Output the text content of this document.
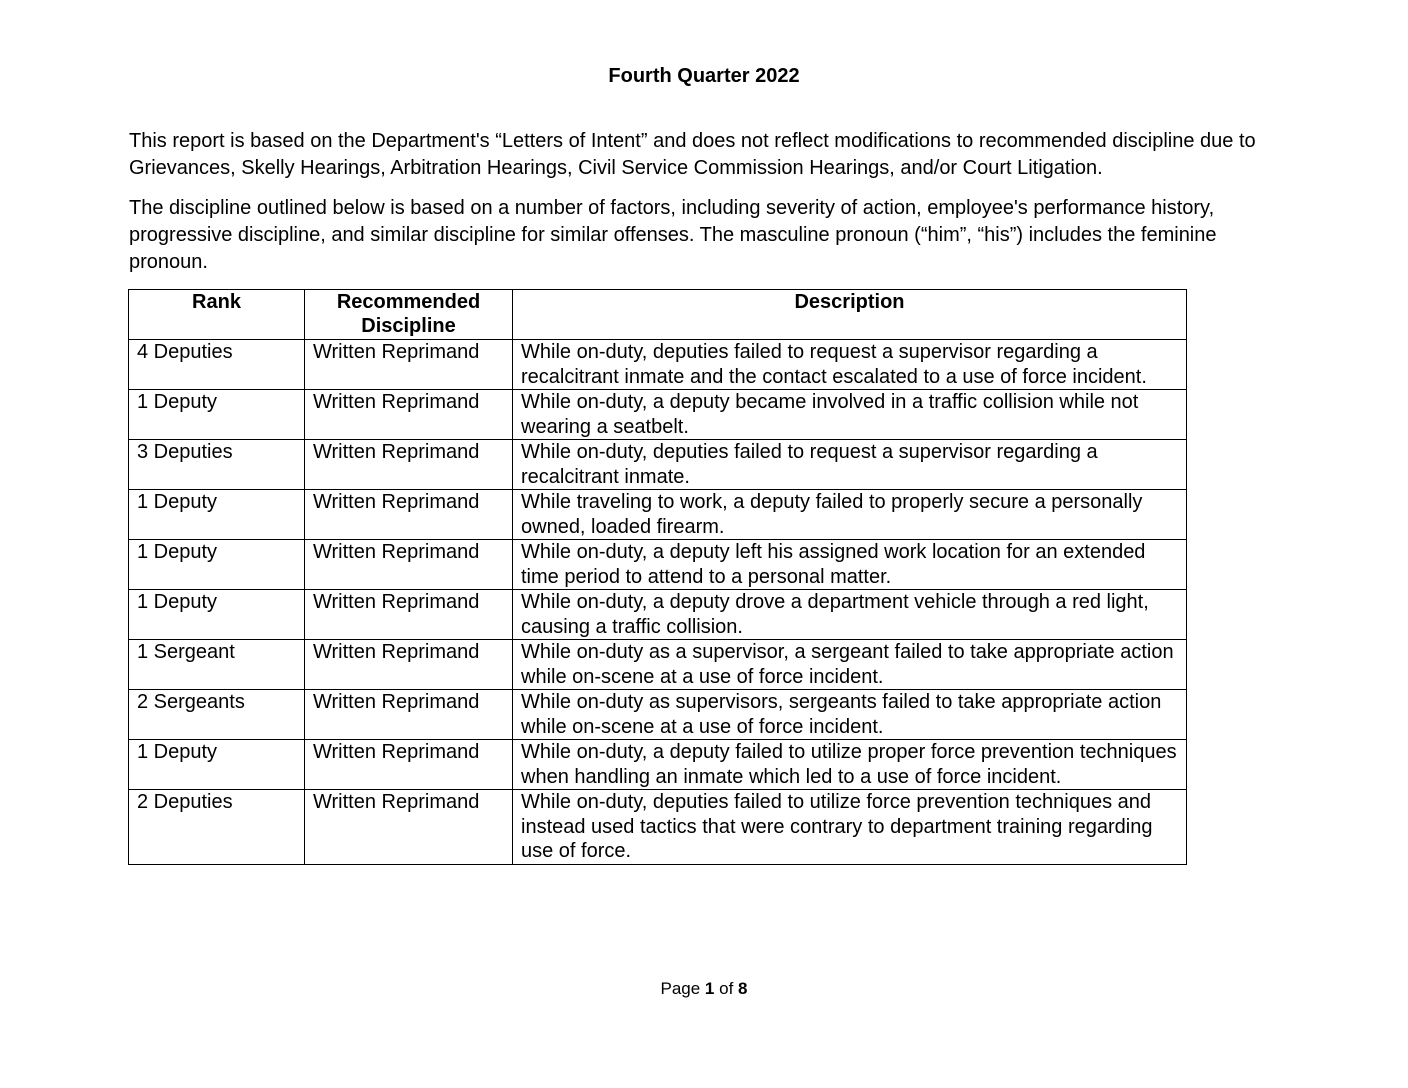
Fourth Quarter 2022
This report is based on the Department's “Letters of Intent” and does not reflect modifications to recommended discipline due to Grievances, Skelly Hearings, Arbitration Hearings, Civil Service Commission Hearings, and/or Court Litigation.
The discipline outlined below is based on a number of factors, including severity of action, employee's performance history, progressive discipline, and similar discipline for similar offenses. The masculine pronoun (“him”, “his”) includes the feminine pronoun.
Rank	Recommended Discipline	Description
4 Deputies	Written Reprimand	While on-duty, deputies failed to request a supervisor regarding a recalcitrant inmate and the contact escalated to a use of force incident.
1 Deputy	Written Reprimand	While on-duty, a deputy became involved in a traffic collision while not wearing a seatbelt.
3 Deputies	Written Reprimand	While on-duty, deputies failed to request a supervisor regarding a recalcitrant inmate.
1 Deputy	Written Reprimand	While traveling to work, a deputy failed to properly secure a personally owned, loaded firearm.
1 Deputy	Written Reprimand	While on-duty, a deputy left his assigned work location for an extended time period to attend to a personal matter.
1 Deputy	Written Reprimand	While on-duty, a deputy drove a department vehicle through a red light, causing a traffic collision.
1 Sergeant	Written Reprimand	While on-duty as a supervisor, a sergeant failed to take appropriate action while on-scene at a use of force incident.
2 Sergeants	Written Reprimand	While on-duty as supervisors, sergeants failed to take appropriate action while on-scene at a use of force incident.
1 Deputy	Written Reprimand	While on-duty, a deputy failed to utilize proper force prevention techniques when handling an inmate which led to a use of force incident.
2 Deputies	Written Reprimand	While on-duty, deputies failed to utilize force prevention techniques and instead used tactics that were contrary to department training regarding use of force.
Page 1 of 8
